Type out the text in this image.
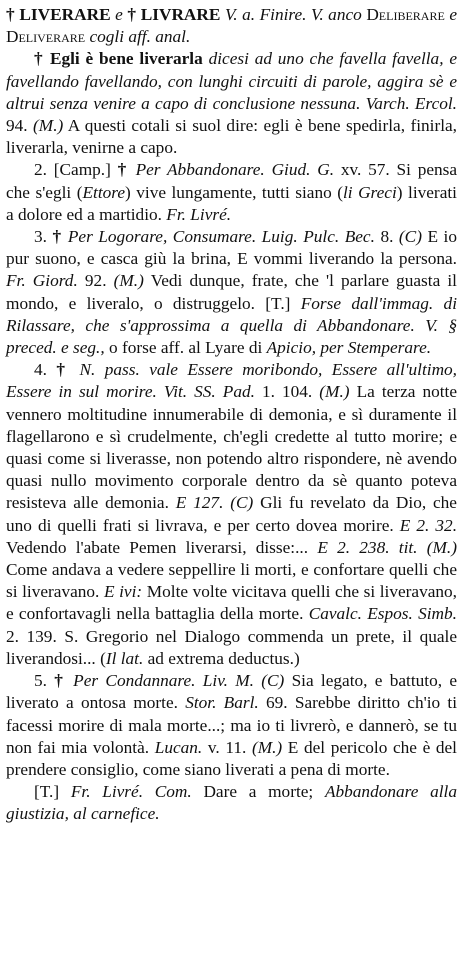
† LIVERARE e † LIVRARE V. a. Finire. V. anco Deliberare e Deliverare cogli aff. anal.

† Egli è bene liverarla dicesi ad uno che favella favella, e favellando favellando, con lunghi circuiti di parole, aggira sè e altrui senza venire a capo di conclusione nessuna. Varch. Ercol. 94. (M.) A questi cotali si suol dire: egli è bene spedirla, finirla, liverarla, venirne a capo.

2. [Camp.] † Per Abbandonare. Giud. G. xv. 57. Si pensa che s'egli (Ettore) vive lungamente, tutti siano (li Greci) liverati a dolore ed a martidio. Fr. Livré.

3. † Per Logorare, Consumare. Luig. Pulc. Bec. 8. (C) E io pur suono, e casca giù la brina, E vommi liverando la persona. Fr. Giord. 92. (M.) Vedi dunque, frate, che 'l parlare guasta il mondo, e liveralo, o distruggelo. [T.] Forse dall'immag. di Rilassare, che s'approssima a quella di Abbandonare. V. § preced. e seg., o forse aff. al Lyare di Apicio, per Stemperare.

4. † N. pass. vale Essere moribondo, Essere all'ultimo, Essere in sul morire. Vit. SS. Pad. 1. 104. (M.) La terza notte vennero moltitudine innumerabile di demonia, e sì duramente il flagellarono e sì crudelmente, ch'egli credette al tutto morire; e quasi come si liverasse, non potendo altro rispondere, nè avendo quasi nullo movimento corporale dentro da sè quanto poteva resisteva alle demonia. E 127. (C) Gli fu revelato da Dio, che uno di quelli frati si livrava, e per certo dovea morire. E 2. 32. Vedendo l'abate Pemen liverarsi, disse:... E 2. 238. tit. (M.) Come andava a vedere seppellire li morti, e confortare quelli che si liveravano. E ivi: Molte volte vicitava quelli che si liveravano, e confortavagli nella battaglia della morte. Cavalc. Espos. Simb. 2. 139. S. Gregorio nel Dialogo commenda un prete, il quale liverandosi... (Il lat. ad extrema deductus.)

5. † Per Condannare. Liv. M. (C) Sia legato, e battuto, e liverato a ontosa morte. Stor. Barl. 69. Sarebbe diritto ch'io ti facessi morire di mala morte...; ma io ti livrerò, e dannerò, se tu non fai mia volontà. Lucan. v. 11. (M.) E del pericolo che è del prendere consiglio, come siano liverati a pena di morte.

[T.] Fr. Livré. Com. Dare a morte; Abbandonare alla giustizia, al carnefice.
